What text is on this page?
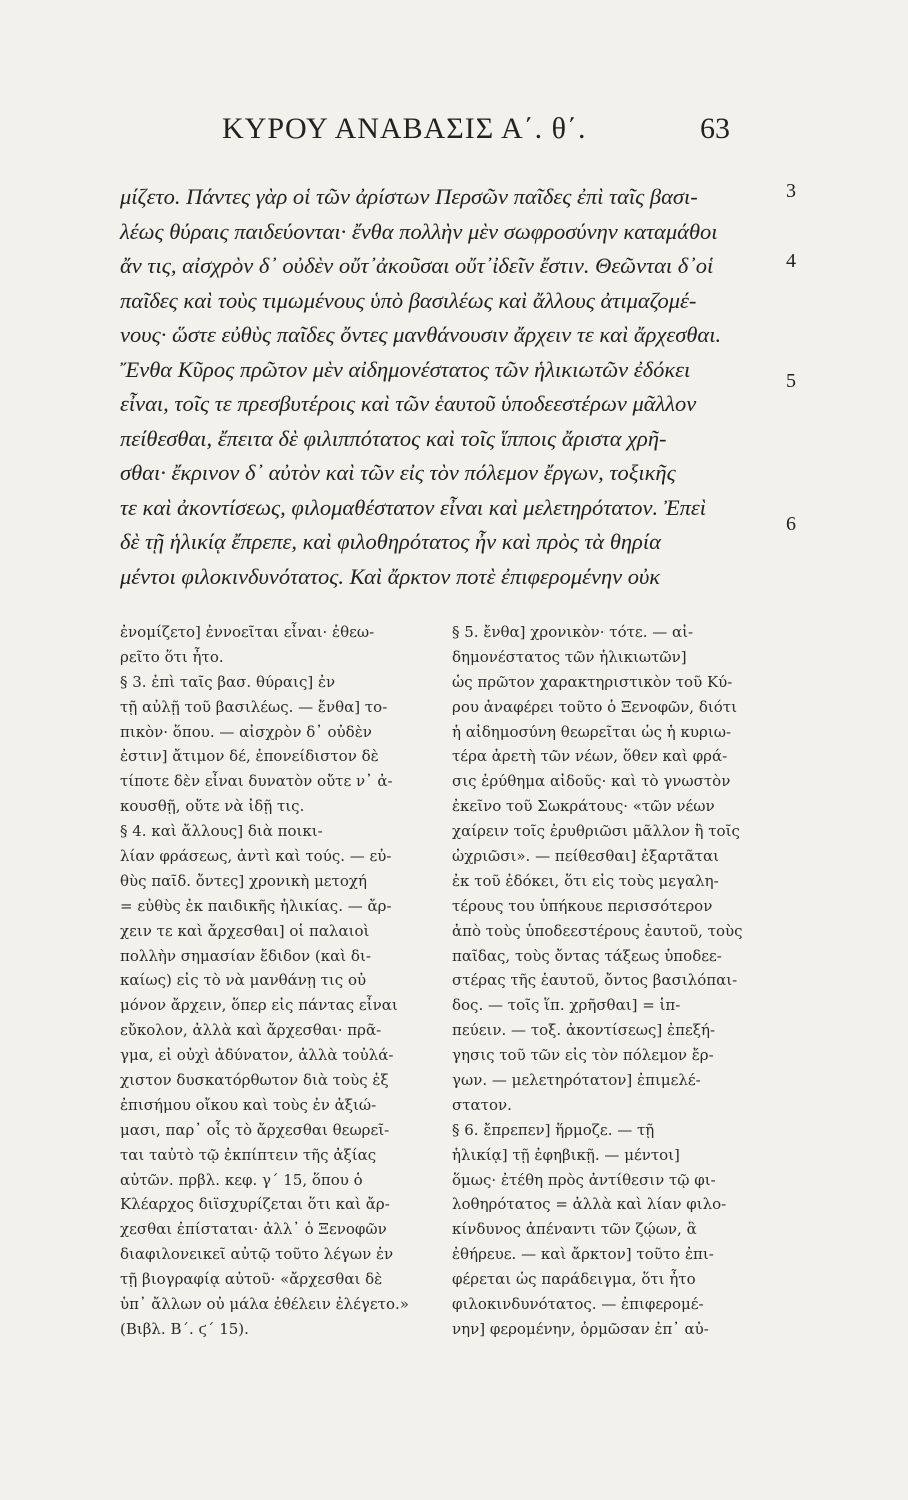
ΚΥΡΟΥ ΑΝΑΒΑΣΙΣ Α΄. θ΄.	63
μίζετο. Πάντες γὰρ οἱ τῶν ἀρίστων Περσῶν παῖδες ἐπὶ ταῖς βασι-
λέως θύραις παιδεύονται· ἔνθα πολλὴν μὲν σωφροσύνην καταμάθοι
ἄν τις, αἰσχρὸν δ᾽ οὐδὲν οὔτ᾽ἀκοῦσαι οὔτ᾽ἰδεῖν ἔστιν. Θεῶνται δ᾽οἱ
παῖδες καὶ τοὺς τιμωμένους ὑπὸ βασιλέως καὶ ἄλλους ἀτιμαζομέ-
νους· ὥστε εὐθὺς παῖδες ὄντες μανθάνουσιν ἄρχειν τε καὶ ἄρχεσθαι.
Ἔνθα Κῦρος πρῶτον μὲν αἰδημονέστατος τῶν ἡλικιωτῶν ἐδόκει
εἶναι, τοῖς τε πρεσβυτέροις καὶ τῶν ἑαυτοῦ ὑποδεεστέρων μᾶλλον
πείθεσθαι, ἔπειτα δὲ φιλιππότατος καὶ τοῖς ἵπποις ἄριστα χρῆ-
σθαι· ἔκρινον δ᾽ αὐτὸν καὶ τῶν εἰς τὸν πόλεμον ἔργων, τοξικῆς
τε καὶ ἀκοντίσεως, φιλομαθέστατον εἶναι καὶ μελετηρότατον. Ἐπεὶ
δὲ τῇ ἡλικίᾳ ἔπρεπε, καὶ φιλοθηρότατος ἦν καὶ πρὸς τὰ θηρία
μέντοι φιλοκινδυνότατος. Καὶ ἄρκτον ποτὲ ἐπιφερομένην οὐκ
3
4
5
6
ἐνομίζετο] ἐννοεῖται εἶναι· ἐθεω-
ρεῖτο ὅτι ἦτο.
§ 3. ἐπὶ ταῖς βασ. θύραις] ἐν
τῇ αὐλῇ τοῦ βασιλέως. — ἔνθα] το-
πικὸν· ὅπου. — αἰσχρὸν δ᾽ οὐδὲν
ἐστιν] ἄτιμον δέ, ἐπονείδιστον δὲ
τίποτε δὲν εἶναι δυνατὸν οὔτε ν᾽ ἀ-
κουσθῇ, οὔτε νὰ ἰδῇ τις.
§ 4. καὶ ἄλλους] διὰ ποικι-
λίαν φράσεως, ἀντὶ καὶ τούς. — εὐ-
θὺς παῖδ. ὄντες] χρονικὴ μετοχή
= εὐθὺς ἐκ παιδικῆς ἡλικίας. — ἄρ-
χειν τε καὶ ἄρχεσθαι] οἱ παλαιοὶ
πολλὴν σημασίαν ἔδιδον (καὶ δι-
καίως) εἰς τὸ νὰ μανθάνῃ τις οὐ
μόνον ἄρχειν, ὅπερ εἰς πάντας εἶναι
εὔκολον, ἀλλὰ καὶ ἄρχεσθαι· πρᾶ-
γμα, εἰ οὐχὶ ἀδύνατον, ἀλλὰ τοὐλά-
χιστον δυσκατόρθωτον διὰ τοὺς ἐξ
ἐπισήμου οἴκου καὶ τοὺς ἐν ἀξιώ-
μασι, παρ᾽ οἷς τὸ ἄρχεσθαι θεωρεῖ-
ται ταὐτὸ τῷ ἐκπίπτειν τῆς ἀξίας
αὐτῶν. πρβλ. κεφ. γ΄ 15, ὅπου ὁ
Κλέαρχος διϊσχυρίζεται ὅτι καὶ ἄρ-
χεσθαι ἐπίσταται· ἀλλ᾽ ὁ Ξενοφῶν
διαφιλονεικεῖ αὐτῷ τοῦτο λέγων ἐν
τῇ βιογραφίᾳ αὐτοῦ· «ἄρχεσθαι δὲ
ὑπ᾽ ἄλλων οὐ μάλα ἐθέλειν ἐλέγετο.»
(Βιβλ. Β΄. ϛ΄ 15).
§ 5. ἔνθα] χρονικὸν· τότε. — αἰ-
δημονέστατος τῶν ἡλικιωτῶν]
ὡς πρῶτον χαρακτηριστικὸν τοῦ Κύ-
ρου ἀναφέρει τοῦτο ὁ Ξενοφῶν, διότι
ἡ αἰδημοσύνη θεωρεῖται ὡς ἡ κυριω-
τέρα ἀρετὴ τῶν νέων, ὅθεν καὶ φρά-
σις ἐρύθημα αἰδοῦς· καὶ τὸ γνωστὸν
ἐκεῖνο τοῦ Σωκράτους· «τῶν νέων
χαίρειν τοῖς ἐρυθριῶσι μᾶλλον ἢ τοῖς
ὠχριῶσι». — πείθεσθαι] ἐξαρτᾶται
ἐκ τοῦ ἐδόκει, ὅτι εἰς τοὺς μεγαλη-
τέρους του ὑπήκουε περισσότερον
ἀπὸ τοὺς ὑποδεεστέρους ἑαυτοῦ, τοὺς
παῖδας, τοὺς ὄντας τάξεως ὑποδεε-
στέρας τῆς ἑαυτοῦ, ὄντος βασιλόπαι-
δος. — τοῖς ἵπ. χρῆσθαι] = ἱπ-
πεύειν. — τοξ. ἀκοντίσεως] ἐπεξή-
γησις τοῦ τῶν εἰς τὸν πόλεμον ἔρ-
γων. — μελετηρότατον] ἐπιμελέ-
στατον.
§ 6. ἔπρεπεν] ἥρμοζε. — τῇ
ἡλικίᾳ] τῇ ἐφηβικῇ. — μέντοι]
ὅμως· ἐτέθη πρὸς ἀντίθεσιν τῷ φι-
λοθηρότατος = ἀλλὰ καὶ λίαν φιλο-
κίνδυνος ἀπέναντι τῶν ζῴων, ἃ
ἐθήρευε. — καὶ ἄρκτον] τοῦτο ἐπι-
φέρεται ὡς παράδειγμα, ὅτι ἦτο
φιλοκινδυνότατος. — ἐπιφερομέ-
νην] φερομένην, ὁρμῶσαν ἐπ᾽ αὐ-
